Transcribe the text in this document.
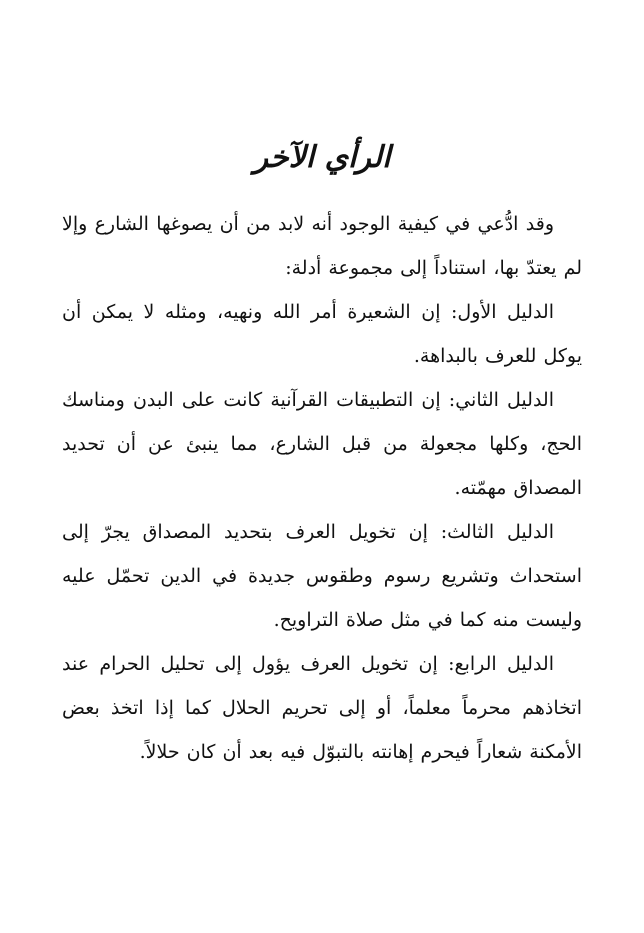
الرأي الآخر

وقد ادُّعي في كيفية الوجود أنه لابد من أن يصوغها الشارع وإلا لم يعتدّ بها، استناداً إلى مجموعة أدلة:

الدليل الأول: إن الشعيرة أمر الله ونهيه، ومثله لا يمكن أن يوكل للعرف بالبداهة.

الدليل الثاني: إن التطبيقات القرآنية كانت على البدن ومناسك الحج، وكلها مجعولة من قبل الشارع، مما ينبئ عن أن تحديد المصداق مهمّته.

الدليل الثالث: إن تخويل العرف بتحديد المصداق يجرّ إلى استحداث وتشريع رسوم وطقوس جديدة في الدين تحمّل عليه وليست منه كما في مثل صلاة التراويح.

الدليل الرابع: إن تخويل العرف يؤول إلى تحليل الحرام عند اتخاذهم محرماً معلماً، أو إلى تحريم الحلال كما إذا اتخذ بعض الأمكنة شعاراً فيحرم إهانته بالتبوّل فيه بعد أن كان حلالاً.
